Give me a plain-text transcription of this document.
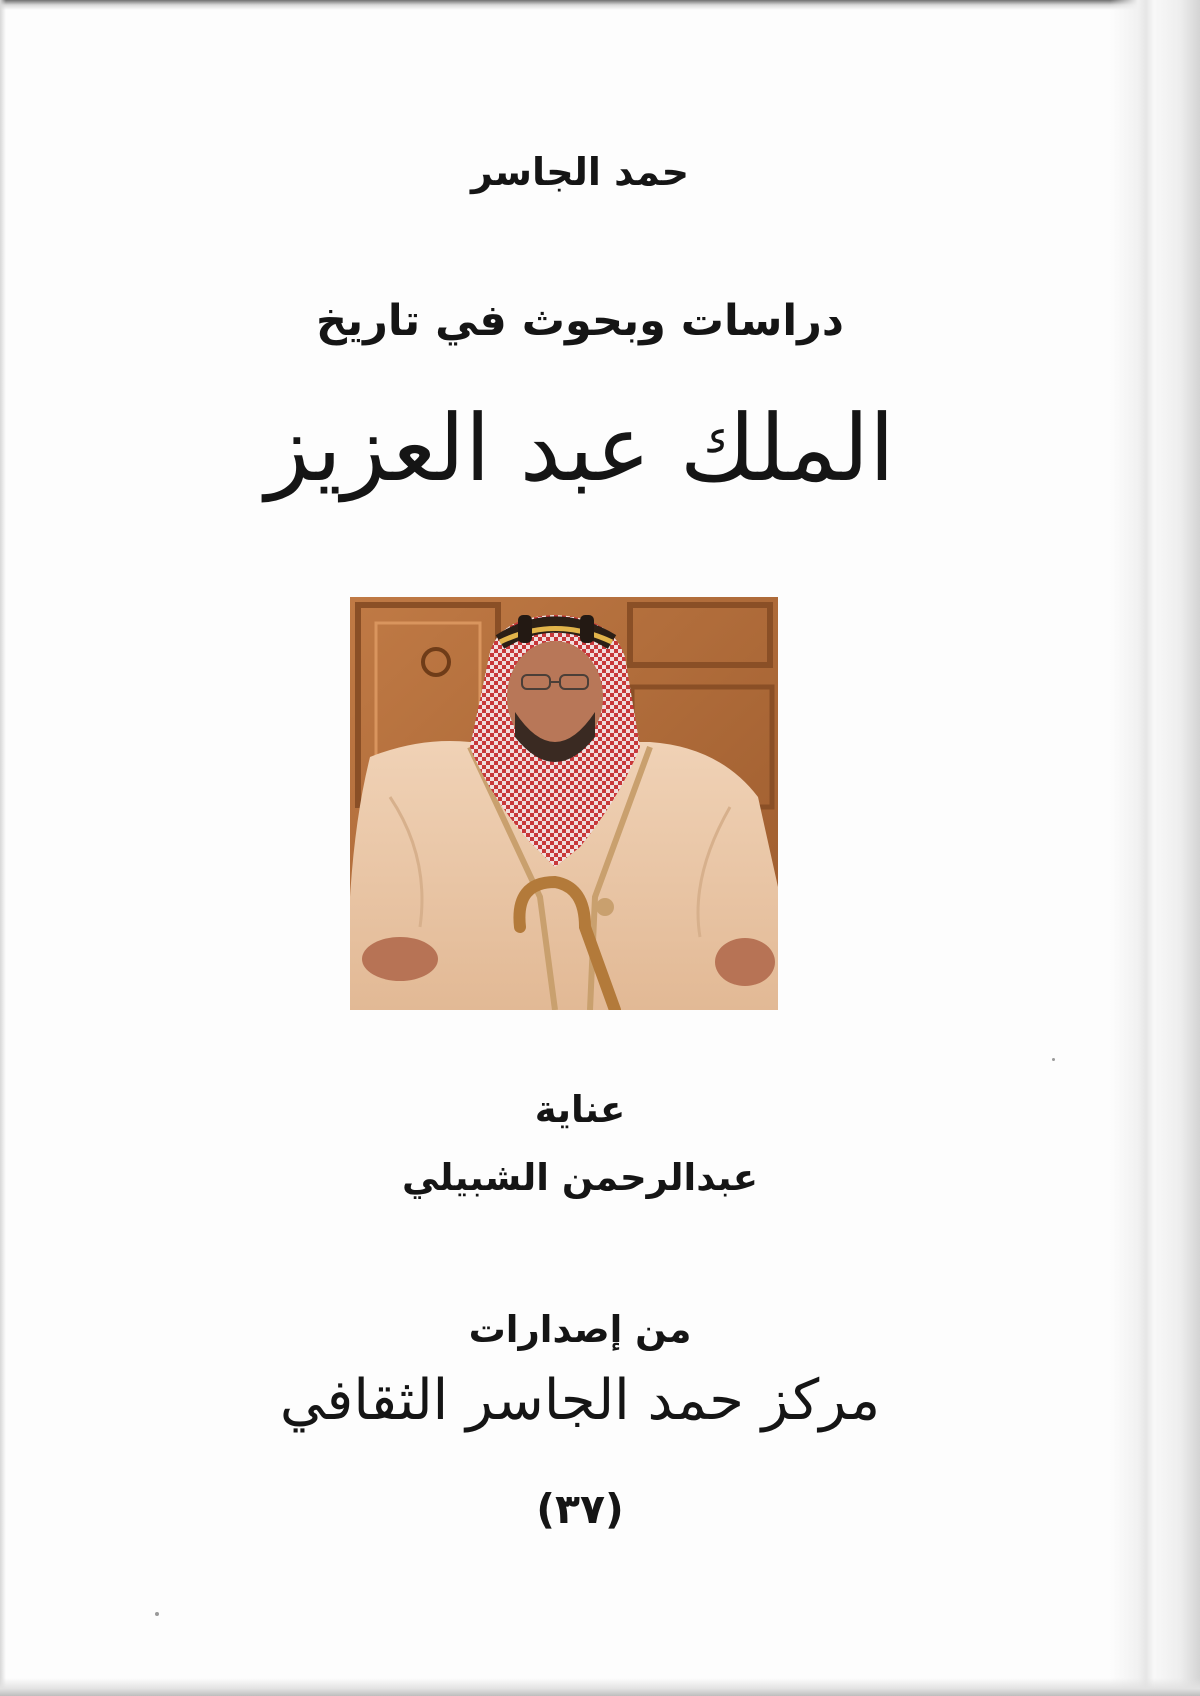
حمد الجاسر
دراسات وبحوث في تاريخ
الملك عبد العزيز
عناية
عبدالرحمن الشبيلي
من إصدارات
مركز حمد الجاسر الثقافي
(٣٧)
